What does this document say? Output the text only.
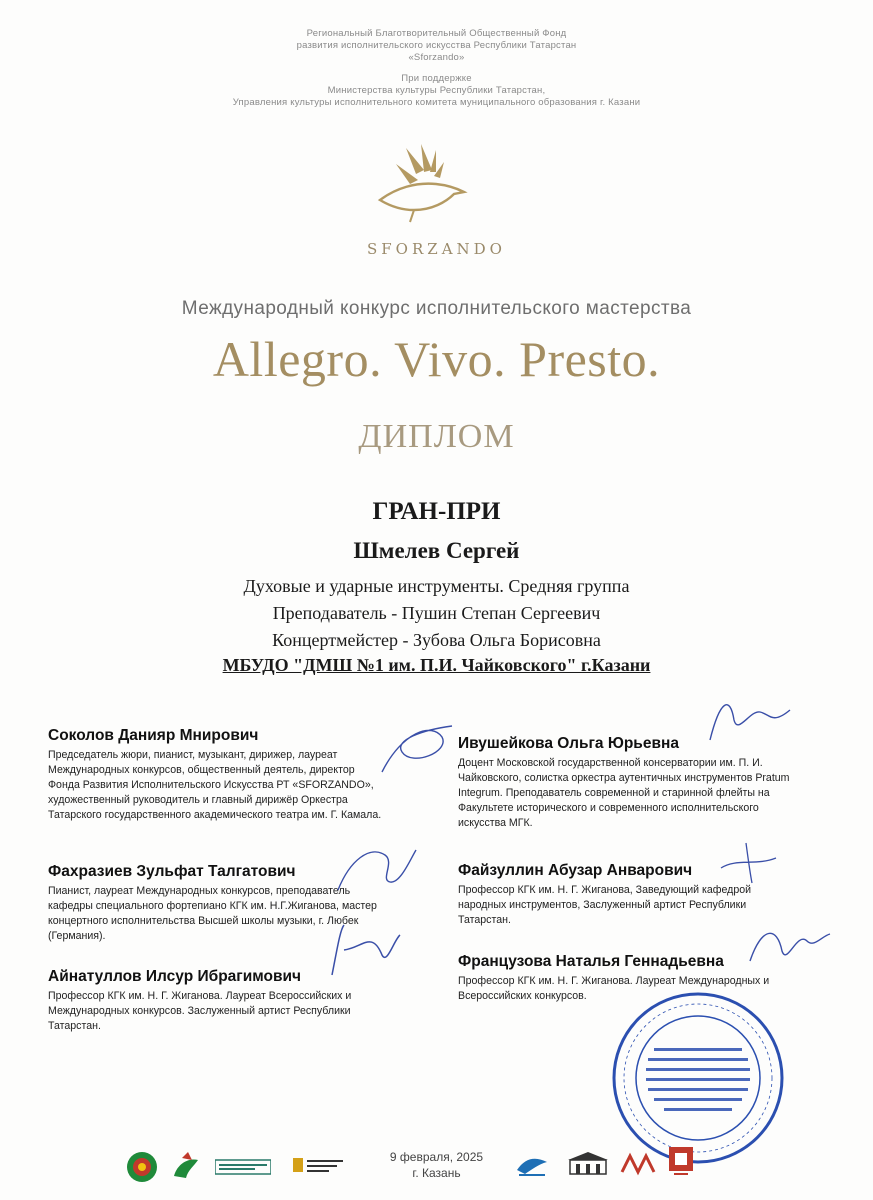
Региональный Благотворительный Общественный Фонд
развития исполнительского искусства Республики Татарстан
«Sforzando»
При поддержке
Министерства культуры Республики Татарстан,
Управления культуры исполнительного комитета муниципального образования г. Казани
SFORZANDO
Международный конкурс исполнительского мастерства
Allegro. Vivo. Presto.
ДИПЛОМ
ГРАН-ПРИ
Шмелев Сергей
Духовые и ударные инструменты. Средняя группа
Преподаватель - Пушин Степан Сергеевич
Концертмейстер - Зубова Ольга Борисовна
МБУДО "ДМШ №1 им. П.И. Чайковского" г.Казани
Соколов Данияр Мнирович
Председатель жюри, пианист, музыкант, дирижер, лауреат Международных конкурсов, общественный деятель, директор Фонда Развития Исполнительского Искусства РТ «SFORZANDO», художественный руководитель и главный дирижёр Оркестра Татарского государственного академического театра им. Г. Камала.
Ивушейкова Ольга Юрьевна
Доцент Московской государственной консерватории им. П. И. Чайковского, солистка оркестра аутентичных инструментов Pratum Integrum. Преподаватель современной и старинной флейты на Факультете исторического и современного исполнительского искусства МГК.
Фахразиев Зульфат Талгатович
Пианист, лауреат Международных конкурсов, преподаватель кафедры специального фортепиано КГК им. Н.Г.Жиганова, мастер концертного исполнительства Высшей школы музыки, г. Любек (Германия).
Файзуллин Абузар Анварович
Профессор КГК им. Н. Г. Жиганова, Заведующий кафедрой народных инструментов, Заслуженный артист Республики Татарстан.
Айнатуллов Илсур Ибрагимович
Профессор КГК им. Н. Г. Жиганова. Лауреат Всероссийских и Международных конкурсов. Заслуженный артист Республики Татарстан.
Французова Наталья Геннадьевна
Профессор КГК им. Н. Г. Жиганова. Лауреат Международных и Всероссийских конкурсов.
9 февраля, 2025
г. Казань
